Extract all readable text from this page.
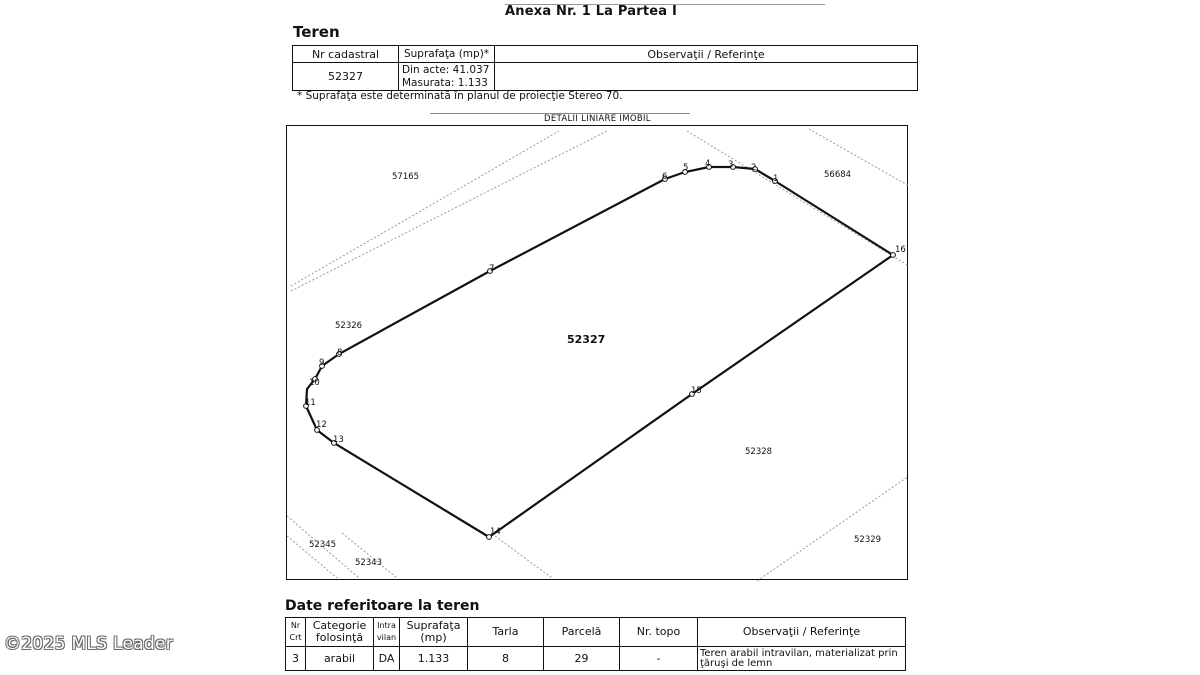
Anexa Nr. 1 La Partea I
Teren
Nr cadastral	Suprafaţa (mp)*	Observaţii / Referinţe
52327	Din acte: 41.037
Masurata: 1.133	

* Suprafaţa este determinată în planul de proiecţie Stereo 70.
DETALII LINIARE IMOBIL
1
2
3
4
5
6
7
8
9
10
11
12
13
14
15
16
52327
57165	56684
52326
52328
52345
52343
52329
Date referitoare la teren
Nr Crt	Categorie folosinţă	Intra vilan	Suprafaţa (mp)	Tarla	Parcelă	Nr. topo	Observaţii / Referinţe
3	arabil	DA	1.133	8	29	-	Teren arabil intravilan, materializat prin ţăruşi de lemn
©2025 MLS Leader
